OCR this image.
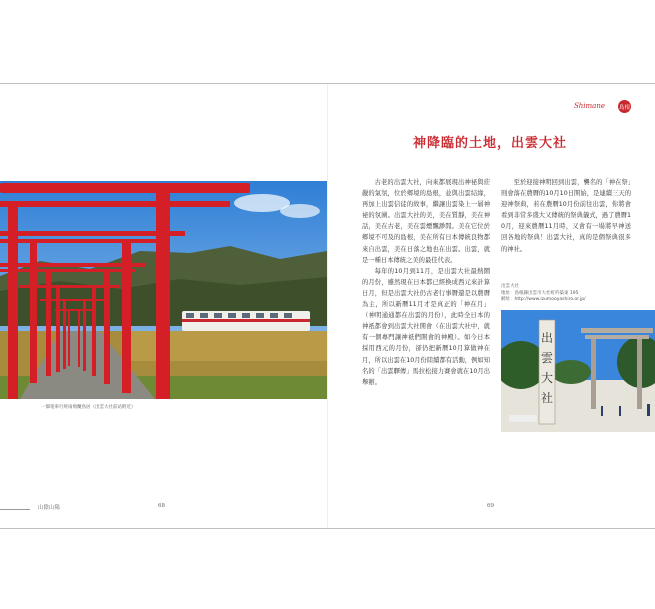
一畑電車行經雨飛蘭鳥居（出雲大社前站附近）
Shimane	島根
神降臨的土地，出雲大社

古老的出雲大社，向來都展現出神祕與莊嚴的氣氛，位於鄉境的島根，並與出雲結緣，再加上出雲信徒的故事，繼讓出雲染上一層神祕的氛圍。出雲大社的美，美在質靜，美在神話，美在古老，美在雲煙飄渺間。美在它位於鄉境不可及的島根，美在所有日本傳統良物都來自出雲，美在日落之地也在出雲。出雲，就是一種日本傳統之美的最佳代表。

每年的10月到11月，是出雲大社最熱鬧的月份，雖然現在日本都已經換成西元來計算日月，但是出雲大社仍古老行事曆還是以農曆為主，所以新曆11月才是真正的「神在月」（神明通通都在出雲的月份），此時全日本的神祇都會到出雲大社開會（在出雲大社中，就有一個專門讓神祇們開會的神殿）。如今日本採用西元的月份，卻仍把新曆10月算做神在月，所以出雲在10月份陸續都有活動，例如知名的「出雲驛傳」馬拉松接力賽會就在10月出舉辦。

至於迎接神明回到出雲，襲名的「神在祭」則會落在農曆的10月10日開始，是連續三天的迎神祭典，若在農曆10月份前往出雲，你將會看到非常多盛大又傳統的祭典儀式，過了農曆10月，迎來農曆11月時，又會有一場將早神送回各地的祭典！出雲大社，真的是個祭典很多的神社。

出雲大社
地址：島根縣出雲市大社町杵築東 195
網址：http://www.izumooyashiro.or.jp/
出
雲
大
社
山陰山陽	68	69
